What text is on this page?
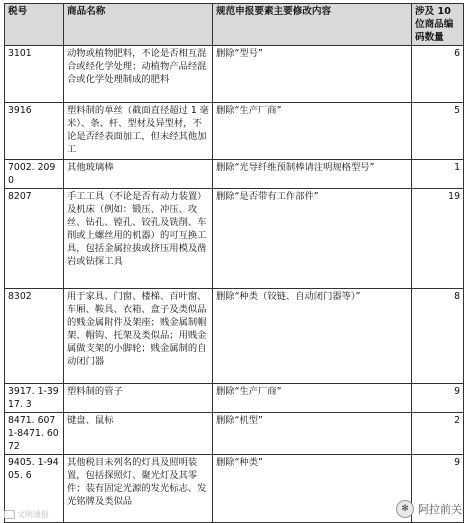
税号	商品名称	规范申报要素主要修改内容	涉及 10 位商品编码数量
3101	动物或植物肥料，不论是否相互混合或经化学处理；动植物产品经混合或化学处理制成的肥料	删除“型号”	6
3916	塑料制的单丝（截面直径超过 1 毫米）、条、杆、型材及异型材，不论是否经表面加工，但未经其他加工	删除“生产厂商”	5
7002. 2090	其他玻璃棒	删除“光导纤维预制棒请注明规格型号”	1
8207	手工工具（不论是否有动力装置）及机床（例如：锻压、冲压、攻丝、钻孔、镗孔、铰孔及铣削、车削或上螺丝用的机器）的可互换工具，包括金属拉拔或挤压用模及凿岩或钻探工具	删除“是否带有工作部件”	19
8302	用于家具、门窗、楼梯、百叶窗、车厢、鞍具、衣箱、盒子及类似品的贱金属附件及架座；贱金属制帽架、帽钩、托架及类似品；用贱金属做支架的小脚轮；贱金属制的自动闭门器	删除“种类（铰链、自动闭门器等）”	8
3917. 1-3917. 3	塑料制的管子	删除“生产厂商”	9
8471. 6071-8471. 6072	键盘、鼠标	删除“机型”	2
9405. 1-9405. 6	其他税目未列名的灯具及照明装置，包括探照灯、聚光灯及其零件；装有固定光源的发光标志、发光铭牌及类似品	删除“种类”	9
文明通报
✻ 阿拉前关
